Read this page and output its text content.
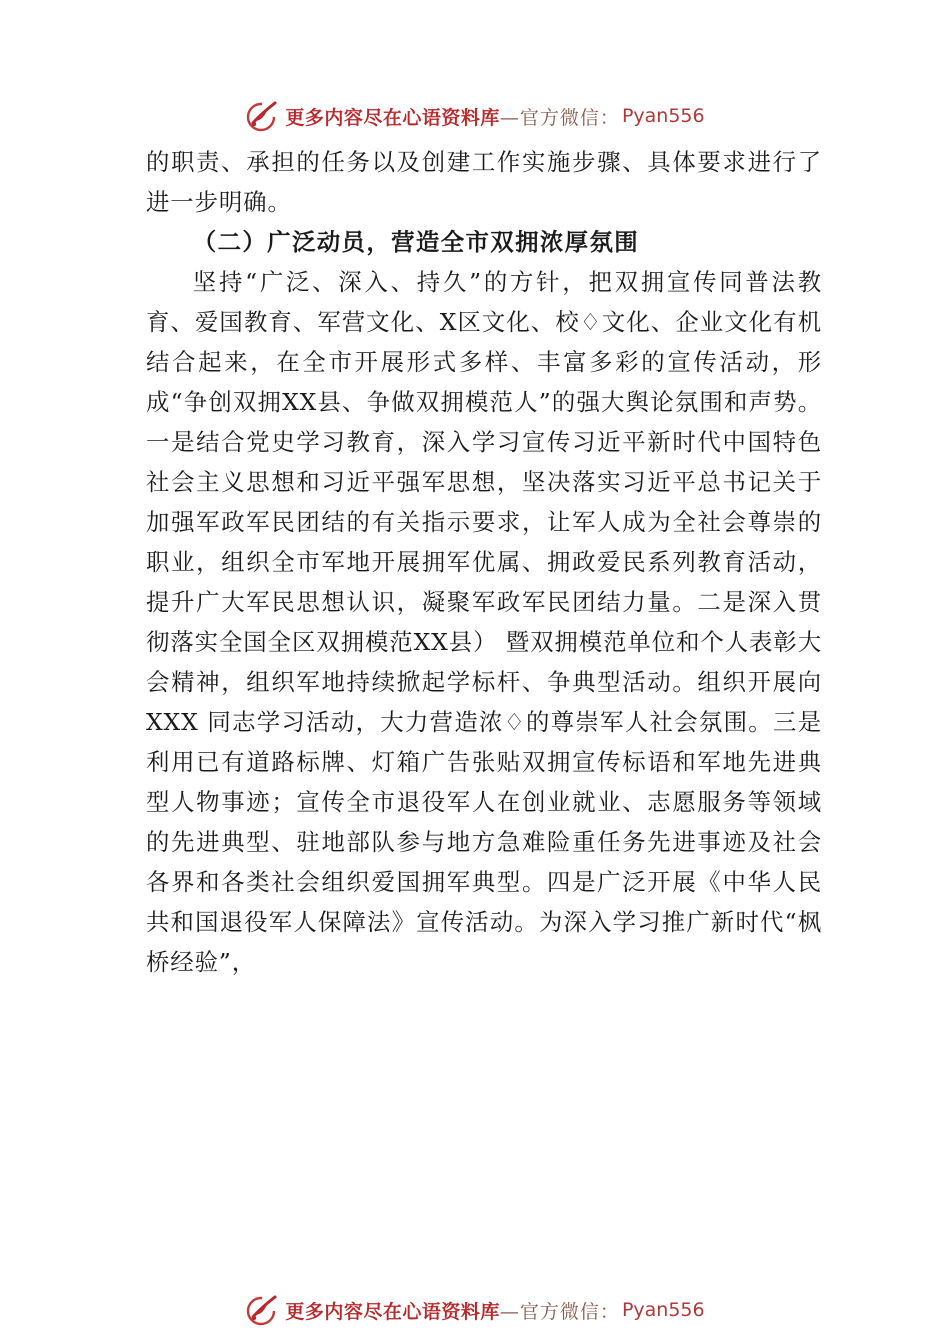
更多内容尽在心语资料库 —官方微信： Pyan556

的职责、承担的任务以及创建工作实施步骤、具体要求进行了进一步明确。

（二）广泛动员，营造全市双拥浓厚氛围

坚持“广泛、深入、持久”的方针，把双拥宣传同普法教育、爱国教育、军营文化、X区文化、校♢文化、企业文化有机结合起来，在全市开展形式多样、丰富多彩的宣传活动，形成“争创双拥XX县、争做双拥模范人”的强大舆论氛围和声势。一是结合党史学习教育，深入学习宣传习近平新时代中国特色社会主义思想和习近平强军思想，坚决落实习近平总书记关于加强军政军民团结的有关指示要求，让军人成为全社会尊崇的职业，组织全市军地开展拥军优属、拥政爱民系列教育活动，提升广大军民思想认识，凝聚军政军民团结力量。二是深入贯彻落实全国全区双拥模范XX县） 暨双拥模范单位和个人表彰大会精神，组织军地持续掀起学标杆、争典型活动。组织开展向 XXX 同志学习活动，大力营造浓♢的尊崇军人社会氛围。三是利用已有道路标牌、灯箱广告张贴双拥宣传标语和军地先进典型人物事迹；宣传全市退役军人在创业就业、志愿服务等领域的先进典型、驻地部队参与地方急难险重任务先进事迹及社会各界和各类社会组织爱国拥军典型。四是广泛开展《中华人民共和国退役军人保障法》宣传活动。为深入学习推广新时代“枫桥经验”，

更多内容尽在心语资料库 —官方微信： Pyan556
